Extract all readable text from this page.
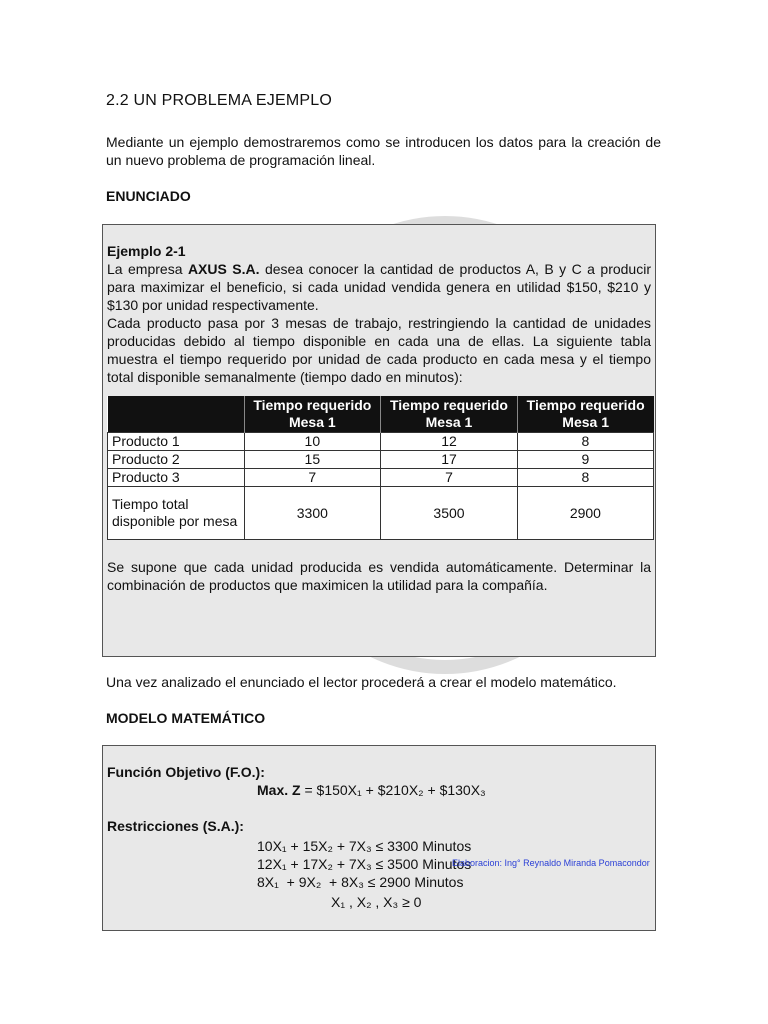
2.2 UN PROBLEMA EJEMPLO

Mediante un ejemplo demostraremos como se introducen los datos para la creación de un nuevo problema de programación lineal.

ENUNCIADO

Ejemplo 2-1

La empresa AXUS S.A. desea conocer la cantidad de productos A, B y C a producir para maximizar el beneficio, si cada unidad vendida genera en utilidad $150, $210 y $130 por unidad respectivamente.

Cada producto pasa por 3 mesas de trabajo, restringiendo la cantidad de unidades producidas debido al tiempo disponible en cada una de ellas. La siguiente tabla muestra el tiempo requerido por unidad de cada producto en cada mesa y el tiempo total disponible semanalmente (tiempo dado en minutos):

	Tiempo requerido Mesa 1	Tiempo requerido Mesa 1	Tiempo requerido Mesa 1
Producto 1	10	12	8
Producto 2	15	17	9
Producto 3	7	7	8
Tiempo total disponible por mesa	3300	3500	2900

Se supone que cada unidad producida es vendida automáticamente. Determinar la combinación de productos que maximicen la utilidad para la compañía.

Una vez analizado el enunciado el lector procederá a crear el modelo matemático.

MODELO MATEMÁTICO
Función Objetivo (F.O.):
Max. Z = $150X₁ + $210X₂ + $130X₃
Restricciones (S.A.):
10X₁ + 15X₂ + 7X₃ ≤ 3300 Minutos
12X₁ + 17X₂ + 7X₃ ≤ 3500 Minutos
8X₁  + 9X₂  + 8X₃ ≤ 2900 Minutos
X₁ , X₂ , X₃ ≥ 0
Elaboracion: Ing° Reynaldo Miranda Pomacondor
